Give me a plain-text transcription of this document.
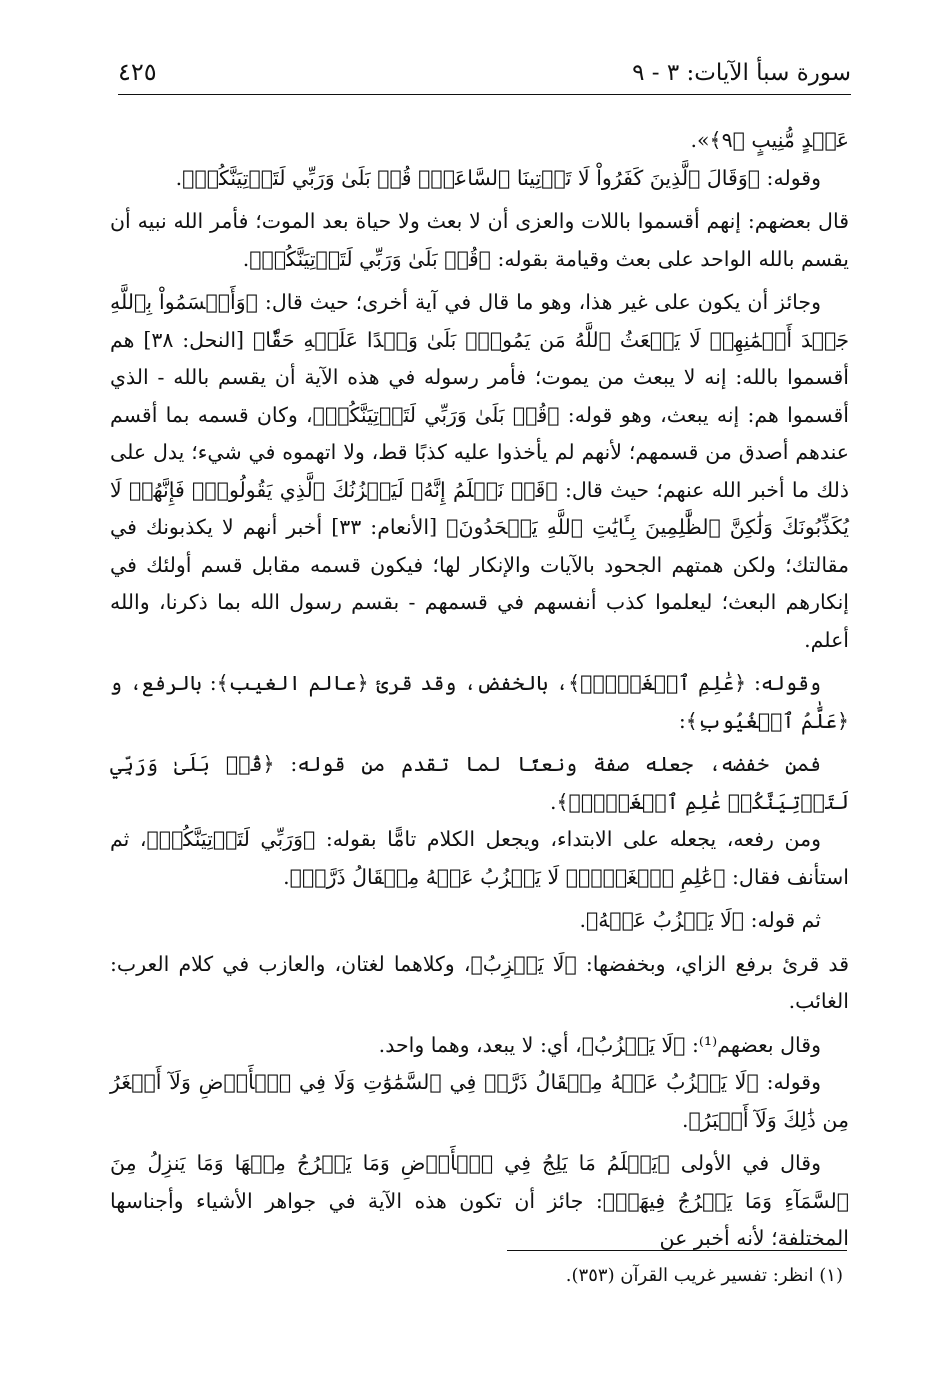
سورة سبأ الآيات: ٣ - ٩
٤٢٥

عَبۡدٍ مُّنِيبٍ ﴿٩﴾».

وقوله: ﴿وَقَالَ ٱلَّذِينَ كَفَرُواْ لَا تَأۡتِينَا ٱلسَّاعَةُۖ قُلۡ بَلَىٰ وَرَبِّي لَتَأۡتِيَنَّكُمۡ﴾.

قال بعضهم: إنهم أقسموا باللات والعزى أن لا بعث ولا حياة بعد الموت؛ فأمر الله نبيه أن يقسم بالله الواحد على بعث وقيامة بقوله: ﴿قُلۡ بَلَىٰ وَرَبِّي لَتَأۡتِيَنَّكُمۡ﴾.

وجائز أن يكون على غير هذا، وهو ما قال في آية أخرى؛ حيث قال: ﴿وَأَقۡسَمُواْ بِٱللَّهِ جَهۡدَ أَيۡمَٰنِهِمۡ لَا يَبۡعَثُ ٱللَّهُ مَن يَمُوتُۚ بَلَىٰ وَعۡدًا عَلَيۡهِ حَقّٗا﴾ [النحل: ٣٨] هم أقسموا بالله: إنه لا يبعث من يموت؛ فأمر رسوله في هذه الآية أن يقسم بالله - الذي أقسموا هم: إنه يبعث، وهو قوله: ﴿قُلۡ بَلَىٰ وَرَبِّي لَتَأۡتِيَنَّكُمۡ﴾، وكان قسمه بما أقسم عندهم أصدق من قسمهم؛ لأنهم لم يأخذوا عليه كذبًا قط، ولا اتهموه في شيء؛ يدل على ذلك ما أخبر الله عنهم؛ حيث قال: ﴿قَدۡ نَعۡلَمُ إِنَّهُۥ لَيَحۡزُنُكَ ٱلَّذِي يَقُولُونَۖ فَإِنَّهُمۡ لَا يُكَذِّبُونَكَ وَلَٰكِنَّ ٱلظَّٰلِمِينَ بِـَٔايَٰتِ ٱللَّهِ يَجۡحَدُونَ﴾ [الأنعام: ٣٣] أخبر أنهم لا يكذبونك في مقالتك؛ ولكن همتهم الجحود بالآيات والإنكار لها؛ فيكون قسمه مقابل قسم أولئك في إنكارهم البعث؛ ليعلموا كذب أنفسهم في قسمهم - بقسم رسول الله بما ذكرنا، والله أعلم.

وقوله: ﴿عَٰلِمِ ٱلۡغَيۡبِۖ﴾، بالخفض، وقد قرئ ﴿عالم الغيب﴾: بالرفع، و ﴿عَلَّٰمُ ٱلۡغُيُوبِ﴾:

فمن خفضه، جعله صفة ونعتًا لما تقدم من قوله: ﴿قُلۡ بَلَىٰ وَرَبِّي لَتَأۡتِيَنَّكُمۡ عَٰلِمِ ٱلۡغَيۡبِۖ﴾.

ومن رفعه، يجعله على الابتداء، ويجعل الكلام تامًّا بقوله: ﴿وَرَبِّي لَتَأۡتِيَنَّكُمۡ﴾، ثم استأنف فقال: ﴿عَٰلِمِ ٱلۡغَيۡبِۖ لَا يَعۡزُبُ عَنۡهُ مِثۡقَالُ ذَرَّةٖ﴾.

ثم قوله: ﴿لَا يَعۡزُبُ عَنۡهُ﴾.

قد قرئ برفع الزاي، وبخفضها: ﴿لَا يَعۡزِبُ﴾، وكلاهما لغتان، والعازب في كلام العرب: الغائب.

وقال بعضهم⁽¹⁾: ﴿لَا يَعۡزُبُ﴾، أي: لا يبعد، وهما واحد.

وقوله: ﴿لَا يَعۡزُبُ عَنۡهُ مِثۡقَالُ ذَرَّةٖ فِي ٱلسَّمَٰوَٰتِ وَلَا فِي ٱلۡأَرۡضِ وَلَآ أَصۡغَرُ مِن ذَٰلِكَ وَلَآ أَكۡبَرُ﴾.

وقال في الأولى ﴿يَعۡلَمُ مَا يَلِجُ فِي ٱلۡأَرۡضِ وَمَا يَخۡرُجُ مِنۡهَا وَمَا يَنزِلُ مِنَ ٱلسَّمَآءِ وَمَا يَعۡرُجُ فِيهَاۚ﴾: جائز أن تكون هذه الآية في جواهر الأشياء وأجناسها المختلفة؛ لأنه أخبر عن

(١) انظر: تفسير غريب القرآن (٣٥٣).
